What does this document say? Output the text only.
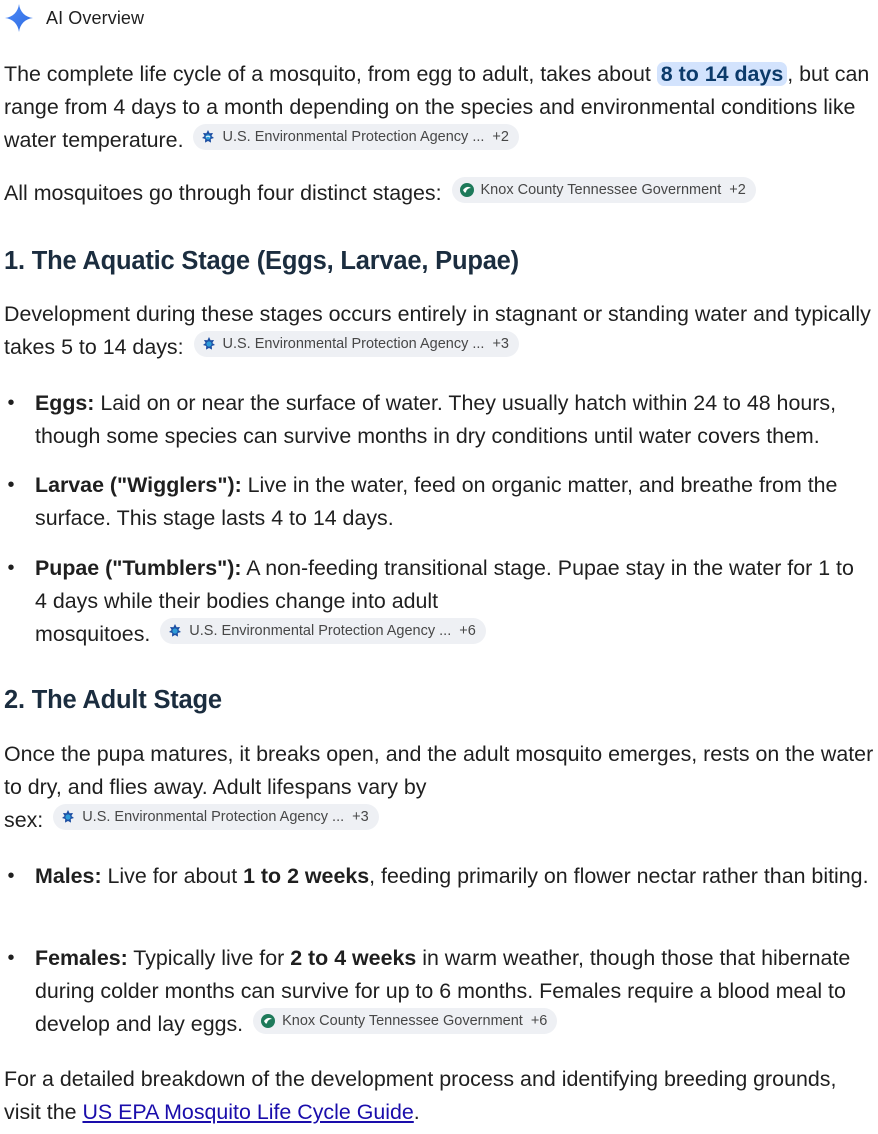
AI Overview
The complete life cycle of a mosquito, from egg to adult, takes about 8 to 14 days , but can range from 4 days to a month depending on the species and environmental conditions like water temperature.	U.S. Environmental Protection Agency ... +2
All mosquitoes go through four distinct stages:	Knox County Tennessee Government +2
1. The Aquatic Stage (Eggs, Larvae, Pupae)
Development during these stages occurs entirely in stagnant or standing water and typically takes 5 to 14 days:	U.S. Environmental Protection Agency ... +3
• Eggs: Laid on or near the surface of water. They usually hatch within 24 to 48 hours, though some species can survive months in dry conditions until water covers them.
• Larvae ("Wigglers"): Live in the water, feed on organic matter, and breathe from the surface. This stage lasts 4 to 14 days.
• Pupae ("Tumblers"): A non-feeding transitional stage. Pupae stay in the water for 1 to 4 days while their bodies change into adult
mosquitoes.	U.S. Environmental Protection Agency ... +6
2. The Adult Stage
Once the pupa matures, it breaks open, and the adult mosquito emerges, rests on the water to dry, and flies away. Adult lifespans vary by
sex:	U.S. Environmental Protection Agency ... +3
• Males: Live for about 1 to 2 weeks, feeding primarily on flower nectar rather than biting.
• Females: Typically live for 2 to 4 weeks in warm weather, though those that hibernate during colder months can survive for up to 6 months. Females require a blood meal to develop and lay eggs.	Knox County Tennessee Government +6
For a detailed breakdown of the development process and identifying breeding grounds, visit the US EPA Mosquito Life Cycle Guide.
